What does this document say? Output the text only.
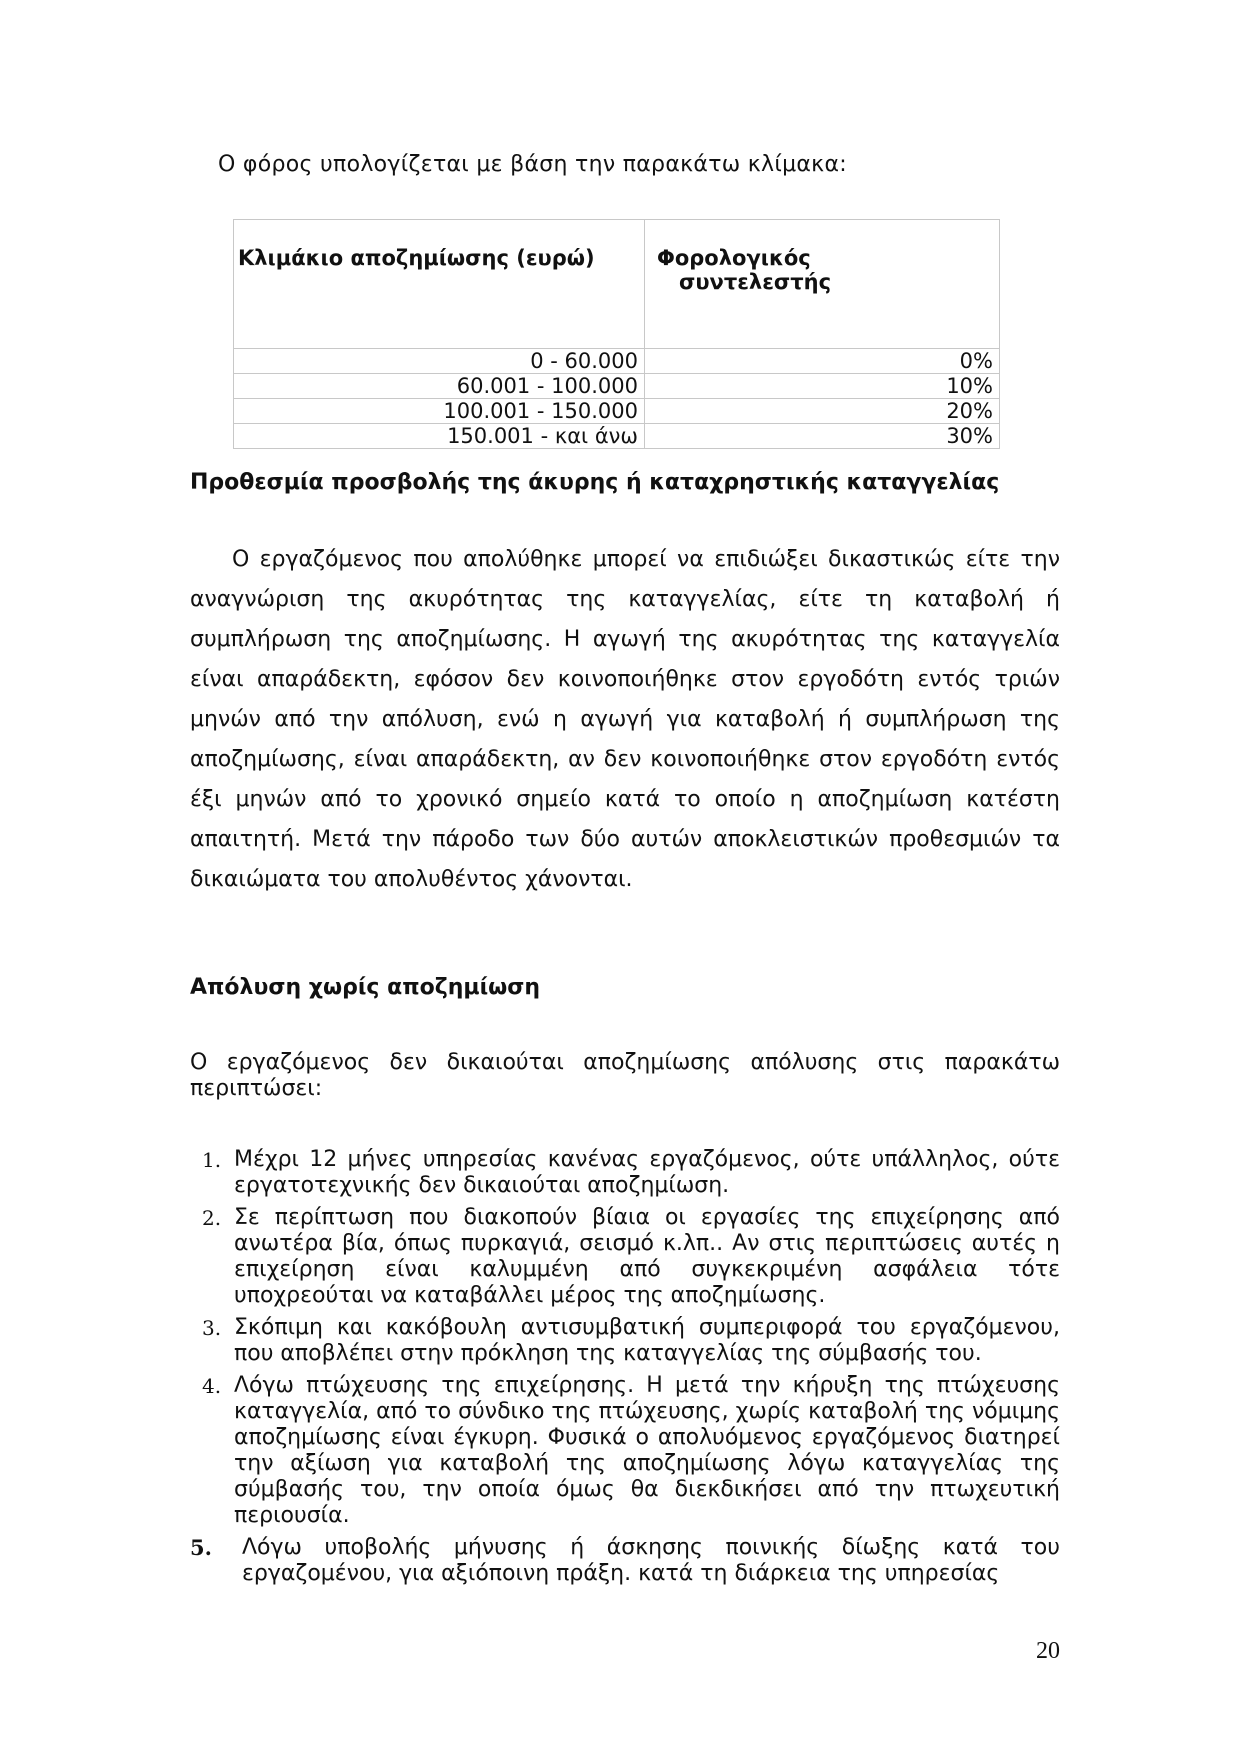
Ο φόρος υπολογίζεται με βάση την παρακάτω κλίμακα:
Κλιμάκιο αποζημίωσης (ευρώ)	Φορολογικός
συντελεστής

0 - 60.000	0%
60.001 - 100.000	10%
100.001 - 150.000	20%
150.001 - και άνω	30%
Προθεσμία προσβολής της άκυρης ή καταχρηστικής καταγγελίας
Ο εργαζόμενος που απολύθηκε μπορεί να επιδιώξει δικαστικώς είτε την αναγνώριση της ακυρότητας της καταγγελίας, είτε τη καταβολή ή συμπλήρωση της αποζημίωσης. Η αγωγή της ακυρότητας της καταγγελία είναι απαράδεκτη, εφόσον δεν κοινοποιήθηκε στον εργοδότη εντός τριών μηνών από την απόλυση, ενώ η αγωγή για καταβολή ή συμπλήρωση της αποζημίωσης, είναι απαράδεκτη, αν δεν κοινοποιήθηκε στον εργοδότη εντός έξι μηνών από το χρονικό σημείο κατά το οποίο η αποζημίωση κατέστη απαιτητή. Μετά την πάροδο των δύο αυτών αποκλειστικών προθεσμιών τα δικαιώματα του απολυθέντος χάνονται.
Απόλυση χωρίς αποζημίωση
Ο εργαζόμενος δεν δικαιούται αποζημίωσης απόλυσης στις παρακάτω περιπτώσει:
1. Μέχρι 12 μήνες υπηρεσίας κανένας εργαζόμενος, ούτε υπάλληλος, ούτε εργατοτεχνικής δεν δικαιούται αποζημίωση.
2. Σε περίπτωση που διακοπούν βίαια οι εργασίες της επιχείρησης από ανωτέρα βία, όπως πυρκαγιά, σεισμό κ.λπ.. Αν στις περιπτώσεις αυτές η επιχείρηση είναι καλυμμένη από συγκεκριμένη ασφάλεια τότε υποχρεούται να καταβάλλει μέρος της αποζημίωσης.
3. Σκόπιμη και κακόβουλη αντισυμβατική συμπεριφορά του εργαζόμενου, που αποβλέπει στην πρόκληση της καταγγελίας της σύμβασής του.
4. Λόγω πτώχευσης της επιχείρησης. Η μετά την κήρυξη της πτώχευσης καταγγελία, από το σύνδικο της πτώχευσης, χωρίς καταβολή της νόμιμης αποζημίωσης είναι έγκυρη. Φυσικά ο απολυόμενος εργαζόμενος διατηρεί την αξίωση για καταβολή της αποζημίωσης λόγω καταγγελίας της σύμβασής του, την οποία όμως θα διεκδικήσει από την πτωχευτική περιουσία.
5. Λόγω υποβολής μήνυσης ή άσκησης ποινικής δίωξης κατά του εργαζομένου, για αξιόποινη πράξη. κατά τη διάρκεια της υπηρεσίας
20
